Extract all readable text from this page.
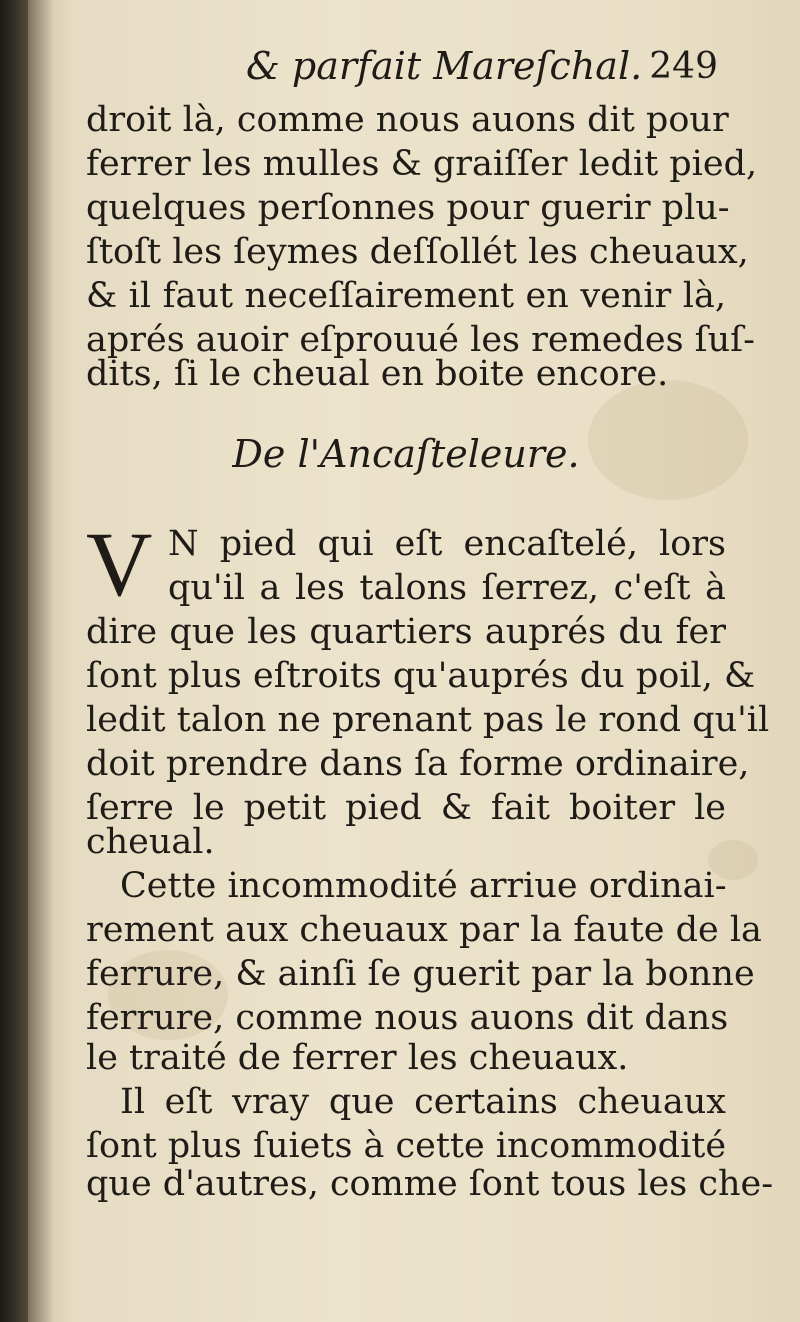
& parfait Mareſchal. 249
droit là, comme nous auons dit pour
ferrer les mulles & graiſſer ledit pied,
quelques perſonnes pour guerir plu-
ſtoſt les ſeymes deſſollét les cheuaux,
& il faut neceſſairement en venir là,
aprés auoir eſprouué les remedes ſuſ-
dits, ſi le cheual en boite encore.
De l'Ancaſteleure.
V N pied qui eſt encaſtelé, lors
qu'il a les talons ſerrez, c'eſt à
dire que les quartiers auprés du fer
ſont plus eſtroits qu'auprés du poil, &
ledit talon ne prenant pas le rond qu'il
doit prendre dans ſa forme ordinaire,
ſerre le petit pied & fait boiter le
cheual.
Cette incommodité arriue ordinai-
rement aux cheuaux par la faute de la
ferrure, & ainſi ſe guerit par la bonne
ferrure, comme nous auons dit dans
le traité de ferrer les cheuaux.
Il eſt vray que certains cheuaux
ſont plus ſuiets à cette incommodité
que d'autres, comme ſont tous les che-
